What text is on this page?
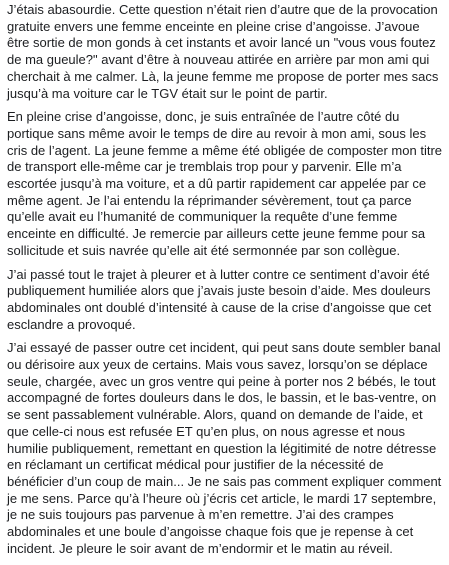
J’étais abasourdie. Cette question n’était rien d’autre que de la provocation gratuite envers une femme enceinte en pleine crise d’angoisse. J’avoue être sortie de mon gonds à cet instants et avoir lancé un "vous vous foutez de ma gueule?" avant d’être à nouveau attirée en arrière par mon ami qui cherchait à me calmer. Là, la jeune femme me propose de porter mes sacs jusqu’à ma voiture car le TGV était sur le point de partir.

En pleine crise d’angoisse, donc, je suis entraînée de l’autre côté du portique sans même avoir le temps de dire au revoir à mon ami, sous les cris de l’agent. La jeune femme a même été obligée de composter mon titre de transport elle-même car je tremblais trop pour y parvenir. Elle m’a escortée jusqu’à ma voiture, et a dû partir rapidement car appelée par ce même agent. Je l’ai entendu la réprimander sévèrement, tout ça parce qu’elle avait eu l’humanité de communiquer la requête d’une femme enceinte en difficulté. Je remercie par ailleurs cette jeune femme pour sa sollicitude et suis navrée qu’elle ait été sermonnée par son collègue.

J’ai passé tout le trajet à pleurer et à lutter contre ce sentiment d’avoir été publiquement humiliée alors que j’avais juste besoin d’aide. Mes douleurs abdominales ont doublé d’intensité à cause de la crise d’angoisse que cet esclandre a provoqué.

J’ai essayé de passer outre cet incident, qui peut sans doute sembler banal ou dérisoire aux yeux de certains. Mais vous savez, lorsqu’on se déplace seule, chargée, avec un gros ventre qui peine à porter nos 2 bébés, le tout accompagné de fortes douleurs dans le dos, le bassin, et le bas-ventre, on se sent passablement vulnérable. Alors, quand on demande de l’aide, et que celle-ci nous est refusée ET qu’en plus, on nous agresse et nous humilie publiquement, remettant en question la légitimité de notre détresse en réclamant un certificat médical pour justifier de la nécessité de bénéficier d’un coup de main... Je ne sais pas comment expliquer comment je me sens. Parce qu’à l’heure où j’écris cet article, le mardi 17 septembre, je ne suis toujours pas parvenue à m’en remettre. J’ai des crampes abdominales et une boule d’angoisse chaque fois que je repense à cet incident. Je pleure le soir avant de m’endormir et le matin au réveil.
